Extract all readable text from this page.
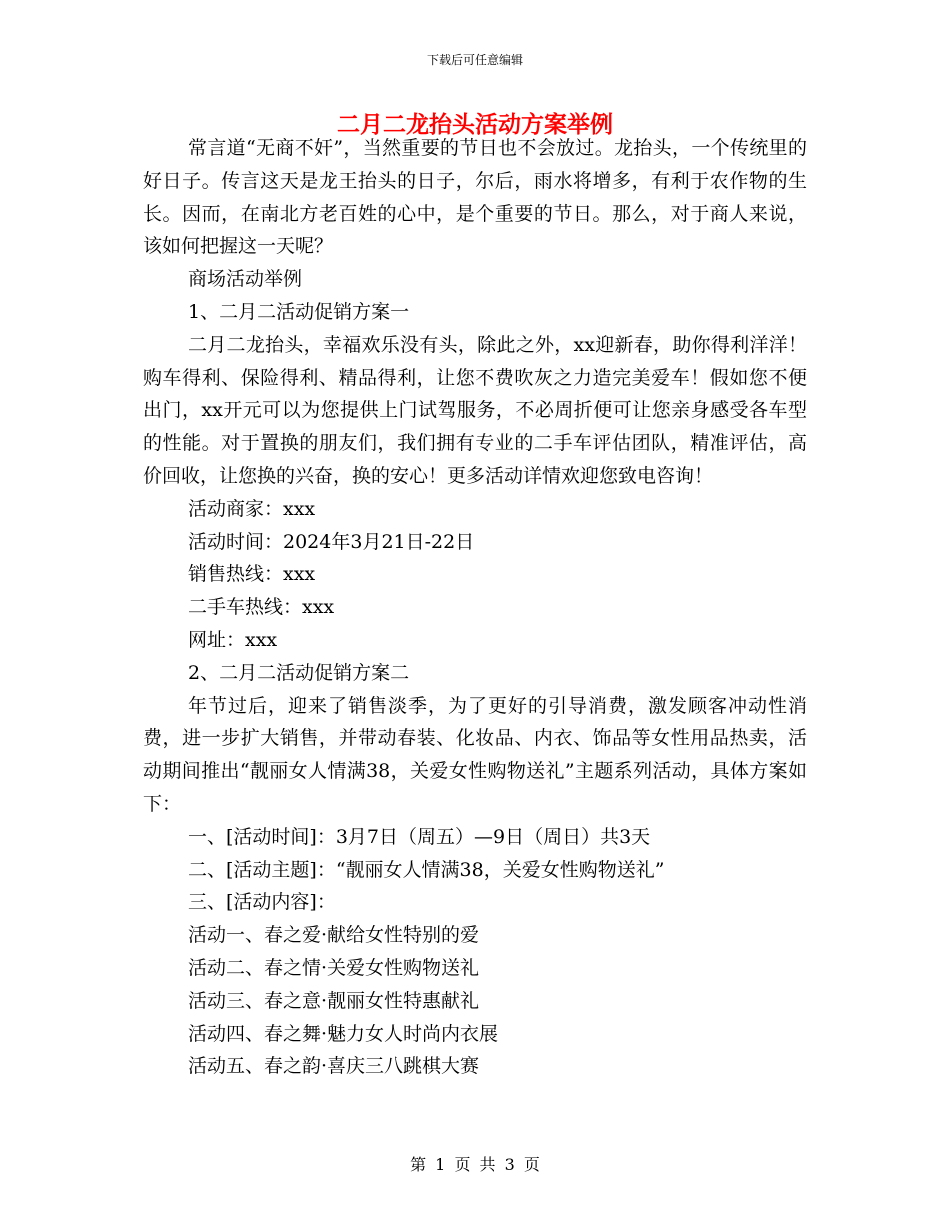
下载后可任意编辑
二月二龙抬头活动方案举例

常言道“无商不奸”，当然重要的节日也不会放过。龙抬头，一个传统里的好日子。传言这天是龙王抬头的日子，尔后，雨水将增多，有利于农作物的生长。因而，在南北方老百姓的心中，是个重要的节日。那么，对于商人来说，该如何把握这一天呢？

商场活动举例

1、二月二活动促销方案一

二月二龙抬头，幸福欢乐没有头，除此之外，xx迎新春，助你得利洋洋！购车得利、保险得利、精品得利，让您不费吹灰之力造完美爱车！假如您不便出门，xx开元可以为您提供上门试驾服务，不必周折便可让您亲身感受各车型的性能。对于置换的朋友们，我们拥有专业的二手车评估团队，精准评估，高价回收，让您换的兴奋，换的安心！更多活动详情欢迎您致电咨询！

活动商家：xxx

活动时间：2024年3月21日-22日

销售热线：xxx

二手车热线：xxx

网址：xxx

2、二月二活动促销方案二

年节过后，迎来了销售淡季，为了更好的引导消费，激发顾客冲动性消费，进一步扩大销售，并带动春装、化妆品、内衣、饰品等女性用品热卖，活动期间推出“靓丽女人情满38，关爱女性购物送礼”主题系列活动，具体方案如下：

一、[活动时间]：3月7日（周五）—9日（周日）共3天

二、[活动主题]：“靓丽女人情满38，关爱女性购物送礼”

三、[活动内容]：

活动一、春之爱·献给女性特别的爱

活动二、春之情·关爱女性购物送礼

活动三、春之意·靓丽女性特惠献礼

活动四、春之舞·魅力女人时尚内衣展

活动五、春之韵·喜庆三八跳棋大赛

第 1 页 共 3 页
